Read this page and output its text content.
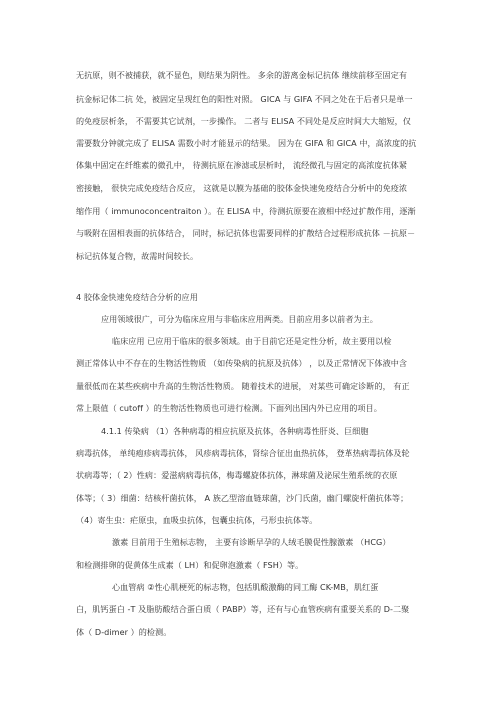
无抗原，则不被捕获，就不显色，则结果为阴性。 多余的游离金标记抗体 继续前移至固定有
抗金标记体二抗 处，被固定呈现红色的阳性对照。 GICA 与 GIFA 不同之处在于后者只是单一
的免疫层析条， 不需要其它试剂，一步操作。 二者与 ELISA 不同处是反应时间大大缩短，仅
需要数分钟就完成了 ELISA 需数小时才能显示的结果。 因为在 GIFA 和 GICA 中，高浓度的抗
体集中固定在纤维素的微孔中， 待测抗原在渗滤或层析时， 流经微孔与固定的高浓度抗体紧
密接触， 很快完成免疫结合反应， 这就是以膜为基础的胶体金快速免疫结合分析中的免疫浓
缩作用（ immunoconcentraiton ）。在 ELISA 中，待测抗原要在液相中经过扩散作用，逐渐
与吸附在固相表面的抗体结合， 同时，标记抗体也需要同样的扩散结合过程形成抗体 －抗原－
标记抗体复合物，故需时间较长。
4 胶体金快速免疫结合分析的应用
应用领域很广，可分为临床应用与非临床应用两类。目前应用多以前者为主。
临床应用 已应用于临床的很多领域。由于目前它还是定性分析，故主要用以检
测正常体认中不存在的生物活性物质 （如传染病的抗原及抗体） ，以及正常情况下体液中含
量很低而在某些疾病中升高的生物活性物质。 随着技术的进展， 对某些可确定诊断的， 有正
常上限值（ cutoff ）的生物活性物质也可进行检测。下面列出国内外已应用的项目。
4.1.1 传染病 （1）各种病毒的相应抗原及抗体，各种病毒性肝炎、巨细胞
病毒抗体， 单纯疱疹病毒抗体， 风疹病毒抗体，肾综合征出血热抗体， 登革热病毒抗体及轮
状病毒等；（ 2）性病：爱滋病病毒抗体，梅毒螺旋体抗体，淋球菌及泌尿生殖系统的衣原
体等；（ 3）细菌：结核杆菌抗体， A 族乙型溶血链球菌，沙门氏菌，幽门螺旋杆菌抗体等；
（4）寄生虫：疟原虫，血吸虫抗体，包囊虫抗体，弓形虫抗体等。
激素 目前用于生殖标志物， 主要有诊断早孕的人绒毛膜促性腺激素 （HCG）
和检测排卵的促黄体生成素（ LH）和促卵泡激素（ FSH）等。
心血管病 ②性心肌梗死的标志物，包括肌酸激酶的同工酶 CK-MB，肌红蛋
白，肌钙蛋白 -T 及脂肪酸结合蛋白质（ PABP）等，还有与心血管疾病有重要关系的 D-二聚
体（ D-dimer ）的检测。
